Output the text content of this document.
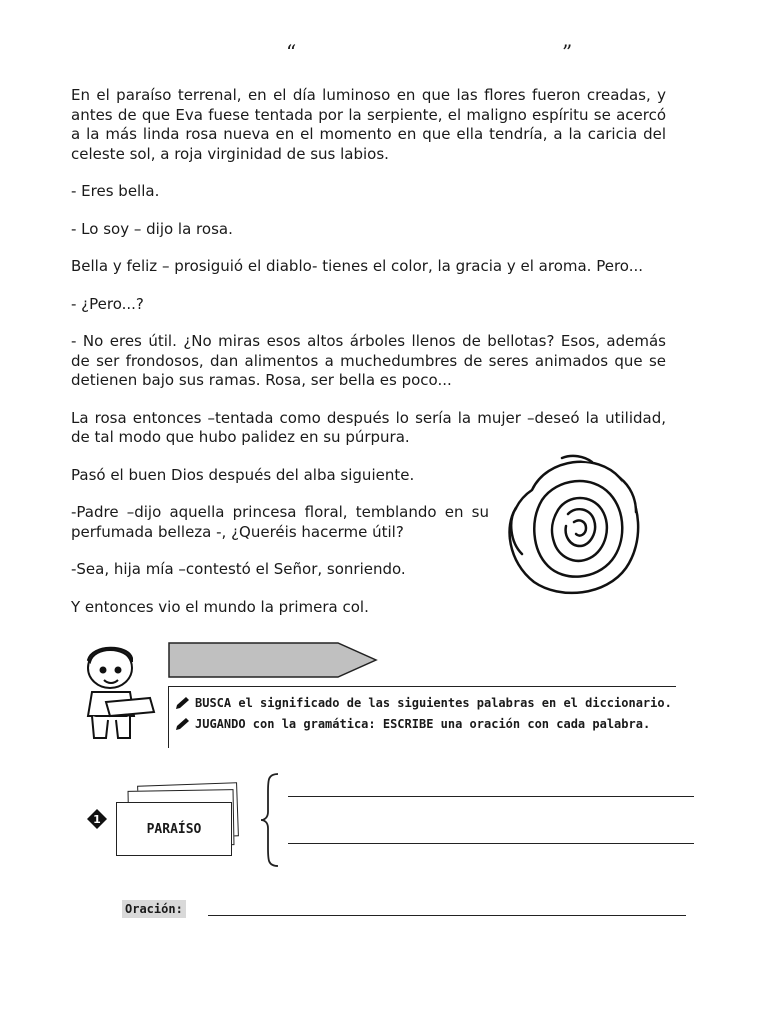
“	”

En el paraíso terrenal, en el día luminoso en que las flores fueron creadas, y antes de que Eva fuese tentada por la serpiente, el maligno espíritu se acercó a la más linda rosa nueva en el momento en que ella tendría, a la caricia del celeste sol, a roja virginidad de sus labios.

- Eres bella.

- Lo soy – dijo la rosa.

Bella y feliz – prosiguió el diablo- tienes el color, la gracia y el aroma. Pero...

- ¿Pero...?

- No eres útil. ¿No miras esos altos árboles llenos de bellotas? Esos, además de ser frondosos, dan alimentos a muchedumbres de seres animados que se detienen bajo sus ramas. Rosa, ser bella es poco...

La rosa entonces –tentada como después lo sería la mujer –deseó la utilidad, de tal modo que hubo palidez en su púrpura.

Pasó el buen Dios después del alba siguiente.

-Padre –dijo aquella princesa floral, temblando en su perfumada belleza -, ¿Queréis hacerme útil?

-Sea, hija mía –contestó el Señor, sonriendo.

Y entonces vio el mundo la primera col.

BUSCA el significado de las siguientes palabras en el diccionario.
JUGANDO con la gramática: ESCRIBE una oración con cada palabra.
1
PARAÍSO
Oración:
